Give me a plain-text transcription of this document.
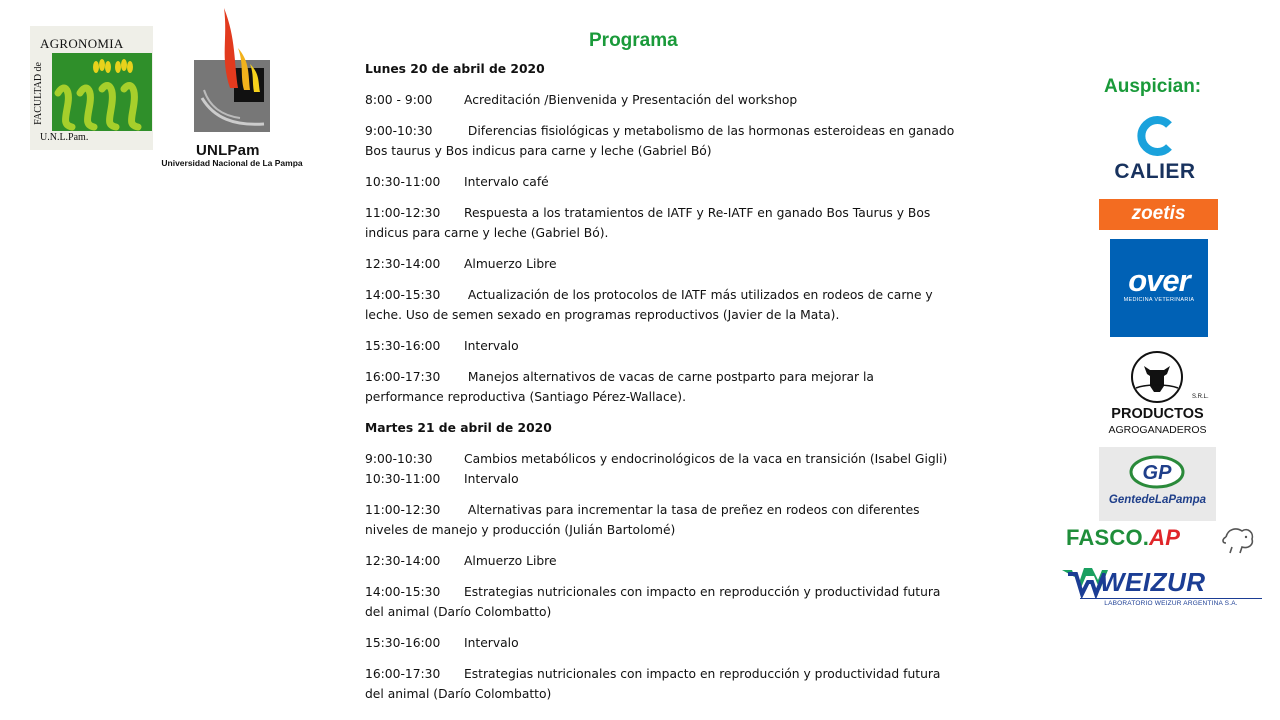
AGRONOMIA
FACULTAD de
U.N.L.Pam.
UNLPam
Universidad Nacional de La Pampa
Programa
Lunes 20 de abril de 2020
8:00 - 9:00	Acreditación /Bienvenida y Presentación del workshop
9:00-10:30	Diferencias fisiológicas y metabolismo de las hormonas esteroideas en ganado Bos taurus y Bos indicus para carne y leche (Gabriel Bó)
10:30-11:00 Intervalo café
11:00-12:30 Respuesta a los tratamientos de IATF y Re-IATF en ganado Bos Taurus y Bos indicus para carne y leche (Gabriel Bó).
12:30-14:00 Almuerzo Libre
14:00-15:30 Actualización de los protocolos de IATF más utilizados en rodeos de carne y leche. Uso de semen sexado en programas reproductivos (Javier de la Mata).
15:30-16:00 Intervalo
16:00-17:30 Manejos alternativos de vacas de carne postparto para mejorar la performance reproductiva (Santiago Pérez-Wallace).
Martes 21 de abril de 2020
9:00-10:30	Cambios metabólicos y endocrinológicos de la vaca en transición (Isabel Gigli)
10:30-11:00 Intervalo
11:00-12:30 Alternativas para incrementar la tasa de preñez en rodeos con diferentes niveles de manejo y producción (Julián Bartolomé)
12:30-14:00 Almuerzo Libre
14:00-15:30 Estrategias nutricionales con impacto en reproducción y productividad futura del animal (Darío Colombatto)
15:30-16:00 Intervalo
16:00-17:30 Estrategias nutricionales con impacto en reproducción y productividad futura del animal (Darío Colombatto)
Auspician:
CALIER
zoetis
over
MEDICINA VETERINARIA
S.R.L.
PRODUCTOS
AGROGANADEROS
GP
GentedeLaPampa
FASCO.AP
WEIZUR
LABORATORIO WEIZUR ARGENTINA S.A.
